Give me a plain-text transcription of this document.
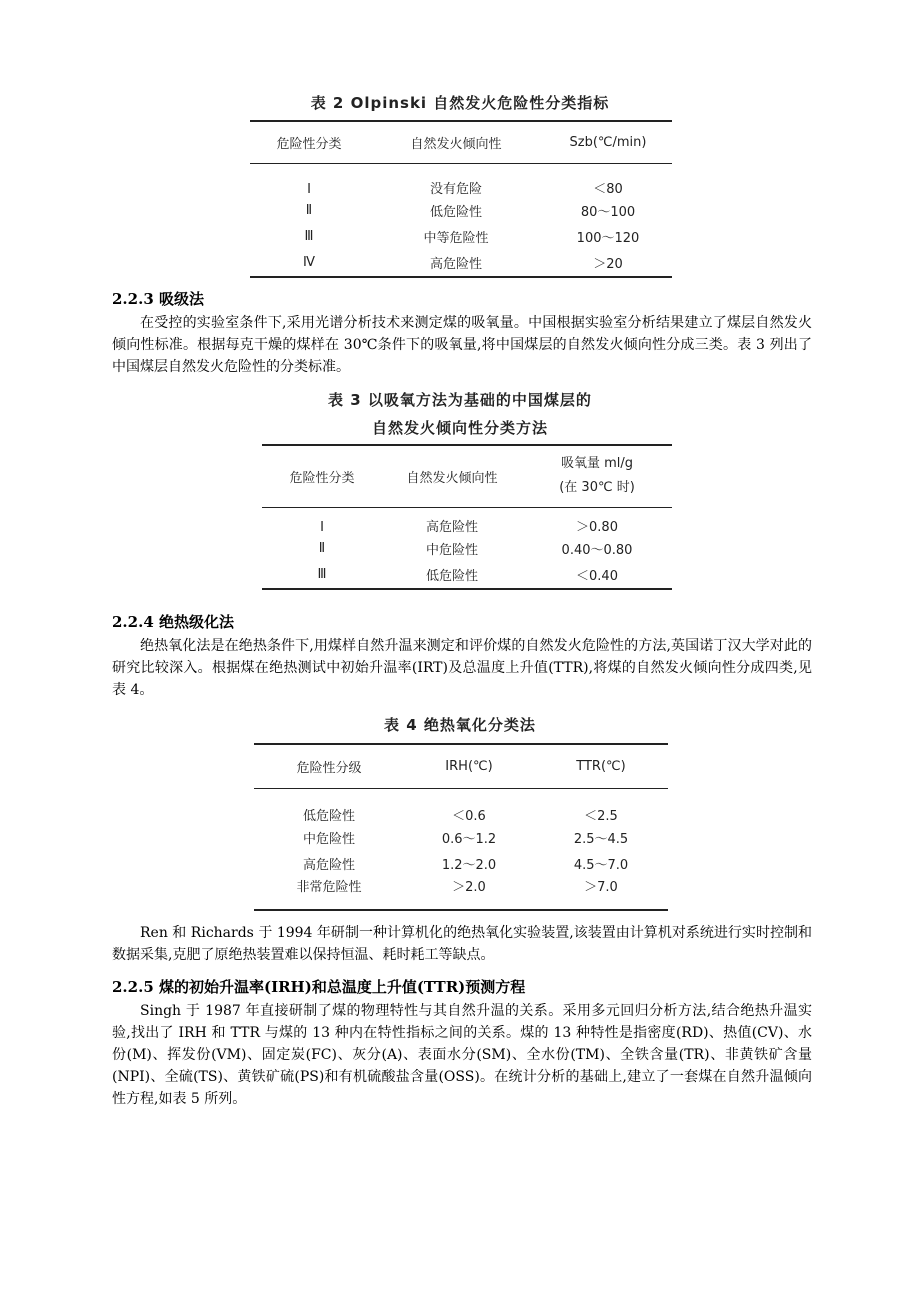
表 2 Olpinski 自然发火危险性分类指标
危险性分类	自然发火倾向性	Szb(℃/min)
Ⅰ	没有危险	＜80
Ⅱ	低危险性	80～100
Ⅲ	中等危险性	100～120
Ⅳ	高危险性	＞20
2.2.3 吸级法

在受控的实验室条件下,采用光谱分析技术来测定煤的吸氧量。中国根据实验室分析结果建立了煤层自然发火倾向性标准。根据每克干燥的煤样在 30℃条件下的吸氧量,将中国煤层的自然发火倾向性分成三类。表 3 列出了中国煤层自然发火危险性的分类标准。

表 3 以吸氧方法为基础的中国煤层的
自然发火倾向性分类方法
危险性分类	自然发火倾向性	吸氧量 ml/g
(在 30℃ 时)

Ⅰ	高危险性	＞0.80
Ⅱ	中危险性	0.40～0.80
Ⅲ	低危险性	＜0.40
2.2.4 绝热级化法

绝热氧化法是在绝热条件下,用煤样自然升温来测定和评价煤的自然发火危险性的方法,英国诺丁汉大学对此的研究比较深入。根据煤在绝热测试中初始升温率(IRT)及总温度上升值(TTR),将煤的自然发火倾向性分成四类,见表 4。

表 4 绝热氧化分类法
危险性分级	IRH(℃)	TTR(℃)
低危险性	＜0.6	＜2.5
中危险性	0.6～1.2	2.5～4.5
高危险性	1.2～2.0	4.5～7.0
非常危险性	＞2.0	＞7.0

Ren 和 Richards 于 1994 年研制一种计算机化的绝热氧化实验装置,该装置由计算机对系统进行实时控制和数据采集,克肥了原绝热装置难以保持恒温、耗时耗工等缺点。

2.2.5 煤的初始升温率(IRH)和总温度上升值(TTR)预测方程

Singh 于 1987 年直接研制了煤的物理特性与其自然升温的关系。采用多元回归分析方法,结合绝热升温实验,找出了 IRH 和 TTR 与煤的 13 种内在特性指标之间的关系。煤的 13 种特性是指密度(RD)、热值(CV)、水份(M)、挥发份(VM)、固定炭(FC)、灰分(A)、表面水分(SM)、全水份(TM)、全铁含量(TR)、非黄铁矿含量(NPI)、全硫(TS)、黄铁矿硫(PS)和有机硫酸盐含量(OSS)。在统计分析的基础上,建立了一套煤在自然升温倾向性方程,如表 5 所列。
